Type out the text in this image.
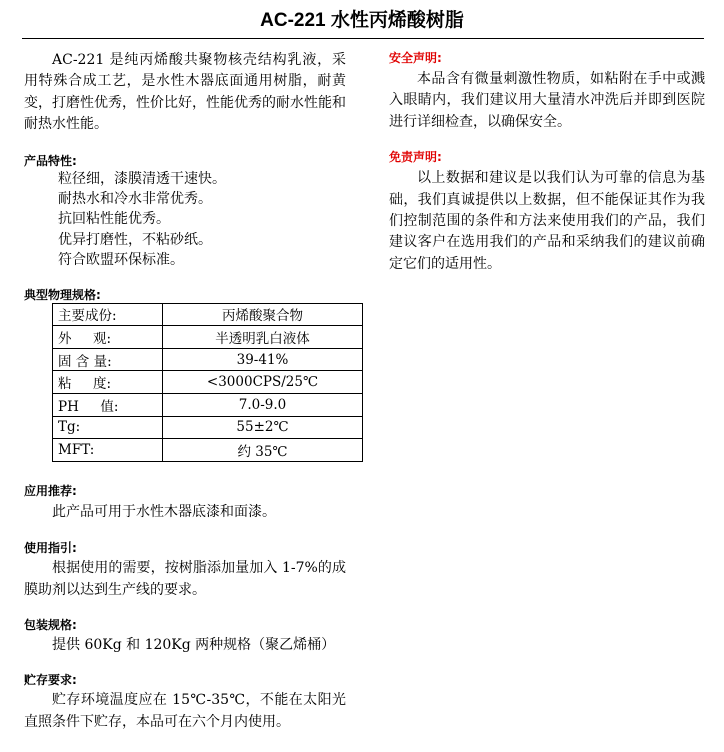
AC-221 水性丙烯酸树脂

AC-221 是纯丙烯酸共聚物核壳结构乳液，采用特殊合成工艺，是水性木器底面通用树脂，耐黄变，打磨性优秀，性价比好，性能优秀的耐水性能和耐热水性能。

产品特性:

粒径细，漆膜清透干速快。

耐热水和冷水非常优秀。

抗回粘性能优秀。

优异打磨性，不粘砂纸。

符合欧盟环保标准。

典型物理规格:

主要成份:	丙烯酸聚合物
外     观:	半透明乳白液体
固 含 量:	39-41%
粘     度:	<3000CPS/25℃
PH     值:	7.0-9.0
Tg:	55±2℃
MFT:	约 35℃

应用推荐:

此产品可用于水性木器底漆和面漆。

使用指引:

根据使用的需要，按树脂添加量加入 1-7%的成膜助剂以达到生产线的要求。

包装规格:

提供 60Kg 和 120Kg 两种规格（聚乙烯桶）

贮存要求:

贮存环境温度应在 15℃-35℃，不能在太阳光直照条件下贮存，本品可在六个月内使用。

安全声明:

本品含有微量刺激性物质，如粘附在手中或溅入眼睛内，我们建议用大量清水冲洗后并即到医院进行详细检查，以确保安全。

免责声明:

以上数据和建议是以我们认为可靠的信息为基础，我们真诚提供以上数据，但不能保证其作为我们控制范围的条件和方法来使用我们的产品，我们建议客户在选用我们的产品和采纳我们的建议前确定它们的适用性。
